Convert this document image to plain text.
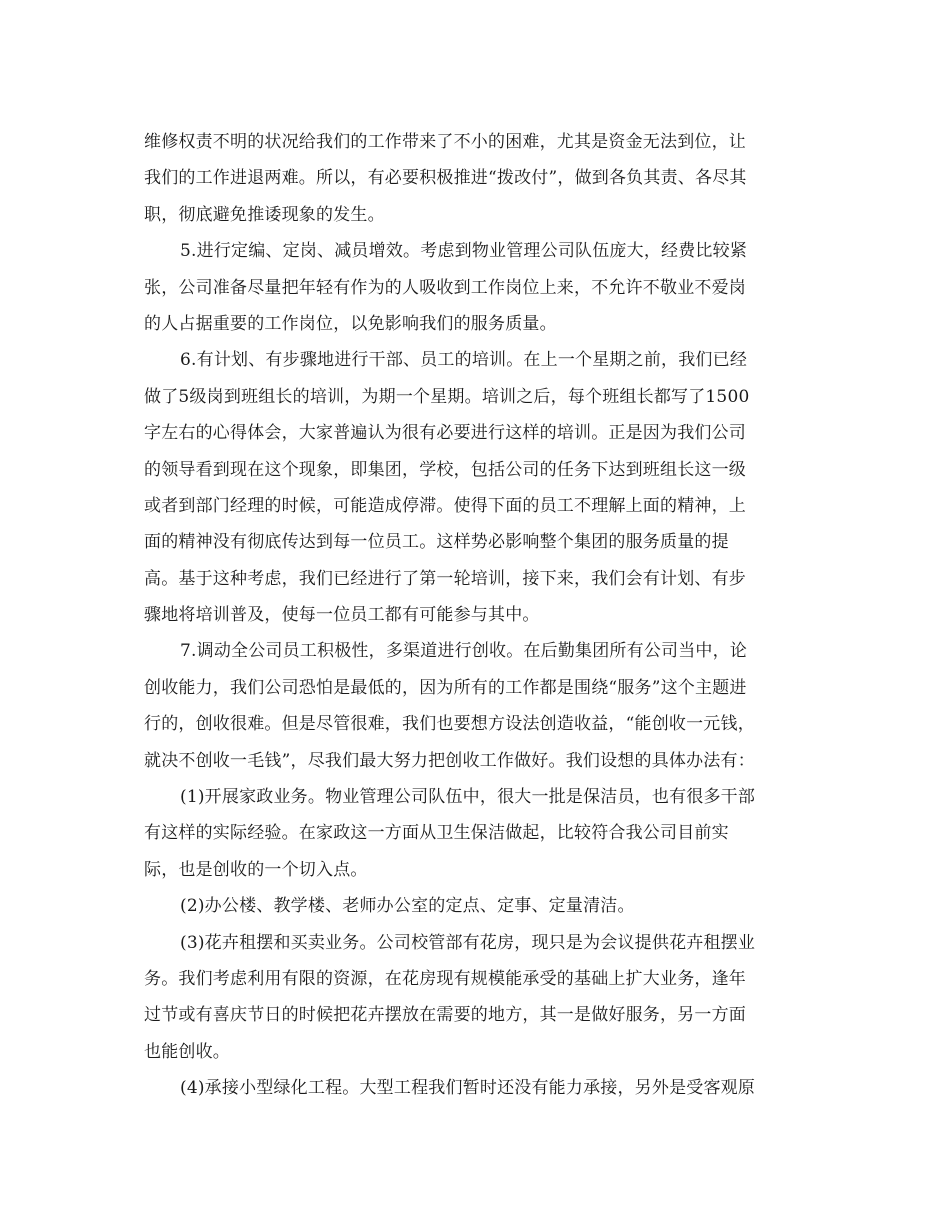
维修权责不明的状况给我们的工作带来了不小的困难，尤其是资金无法到位，让
我们的工作进退两难。所以，有必要积极推进“拨改付”，做到各负其责、各尽其
职，彻底避免推诿现象的发生。
5.进行定编、定岗、减员增效。考虑到物业管理公司队伍庞大，经费比较紧
张，公司准备尽量把年轻有作为的人吸收到工作岗位上来，不允许不敬业不爱岗
的人占据重要的工作岗位，以免影响我们的服务质量。
6.有计划、有步骤地进行干部、员工的培训。在上一个星期之前，我们已经
做了5级岗到班组长的培训，为期一个星期。培训之后，每个班组长都写了1500
字左右的心得体会，大家普遍认为很有必要进行这样的培训。正是因为我们公司
的领导看到现在这个现象，即集团，学校，包括公司的任务下达到班组长这一级
或者到部门经理的时候，可能造成停滞。使得下面的员工不理解上面的精神，上
面的精神没有彻底传达到每一位员工。这样势必影响整个集团的服务质量的提
高。基于这种考虑，我们已经进行了第一轮培训，接下来，我们会有计划、有步
骤地将培训普及，使每一位员工都有可能参与其中。
7.调动全公司员工积极性，多渠道进行创收。在后勤集团所有公司当中，论
创收能力，我们公司恐怕是最低的，因为所有的工作都是围绕“服务”这个主题进
行的，创收很难。但是尽管很难，我们也要想方设法创造收益，“能创收一元钱，
就决不创收一毛钱”，尽我们最大努力把创收工作做好。我们设想的具体办法有：
(1)开展家政业务。物业管理公司队伍中，很大一批是保洁员，也有很多干部
有这样的实际经验。在家政这一方面从卫生保洁做起，比较符合我公司目前实
际，也是创收的一个切入点。
(2)办公楼、教学楼、老师办公室的定点、定事、定量清洁。
(3)花卉租摆和买卖业务。公司校管部有花房，现只是为会议提供花卉租摆业
务。我们考虑利用有限的资源，在花房现有规模能承受的基础上扩大业务，逢年
过节或有喜庆节日的时候把花卉摆放在需要的地方，其一是做好服务，另一方面
也能创收。
(4)承接小型绿化工程。大型工程我们暂时还没有能力承接，另外是受客观原
